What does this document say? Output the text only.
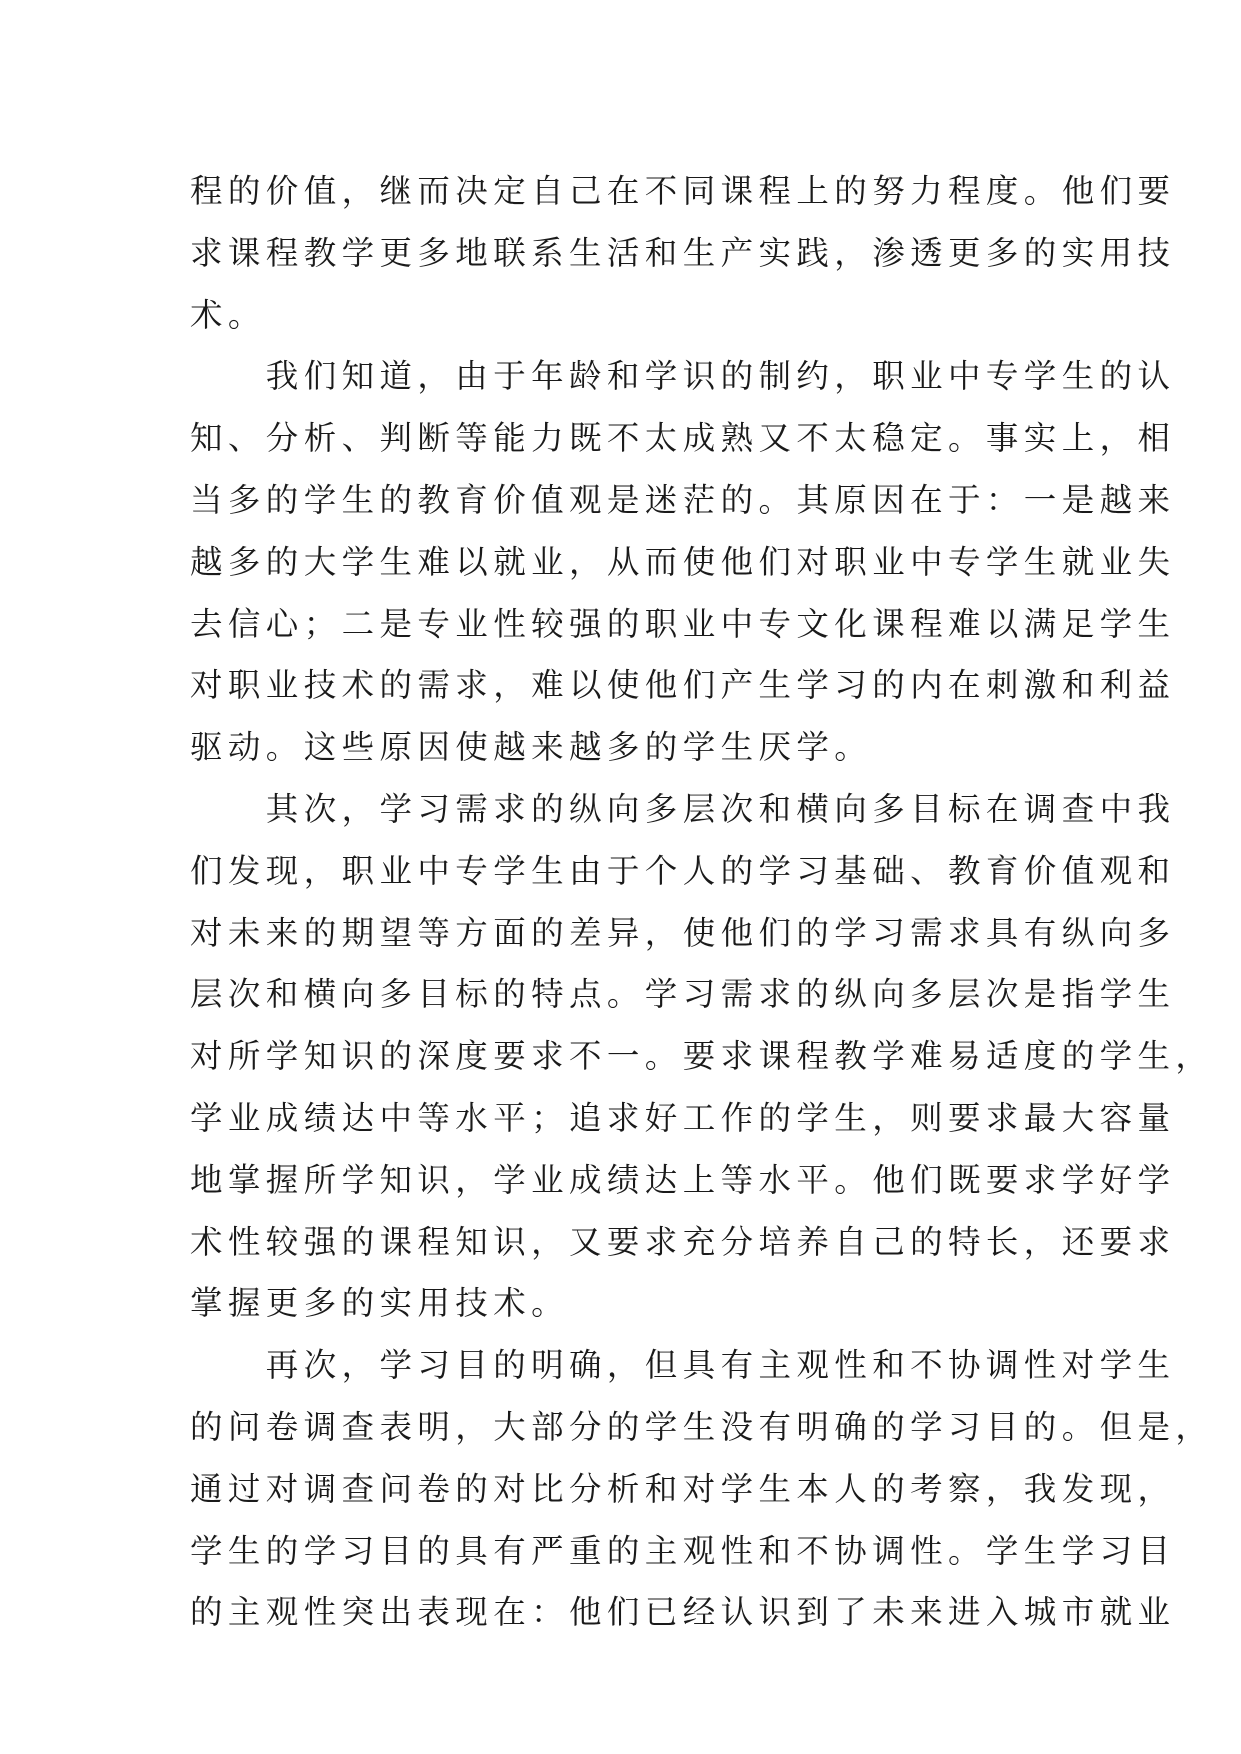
程的价值，继而决定自己在不同课程上的努力程度。他们要
求课程教学更多地联系生活和生产实践，渗透更多的实用技
术。
　　我们知道，由于年龄和学识的制约，职业中专学生的认
知、分析、判断等能力既不太成熟又不太稳定。事实上，相
当多的学生的教育价值观是迷茫的。其原因在于：一是越来
越多的大学生难以就业，从而使他们对职业中专学生就业失
去信心；二是专业性较强的职业中专文化课程难以满足学生
对职业技术的需求，难以使他们产生学习的内在刺激和利益
驱动。这些原因使越来越多的学生厌学。
　　其次，学习需求的纵向多层次和横向多目标在调查中我
们发现，职业中专学生由于个人的学习基础、教育价值观和
对未来的期望等方面的差异，使他们的学习需求具有纵向多
层次和横向多目标的特点。学习需求的纵向多层次是指学生
对所学知识的深度要求不一。要求课程教学难易适度的学生，
学业成绩达中等水平；追求好工作的学生，则要求最大容量
地掌握所学知识，学业成绩达上等水平。他们既要求学好学
术性较强的课程知识，又要求充分培养自己的特长，还要求
掌握更多的实用技术。
　　再次，学习目的明确，但具有主观性和不协调性对学生
的问卷调查表明，大部分的学生没有明确的学习目的。但是，
通过对调查问卷的对比分析和对学生本人的考察，我发现，
学生的学习目的具有严重的主观性和不协调性。学生学习目
的主观性突出表现在：他们已经认识到了未来进入城市就业
